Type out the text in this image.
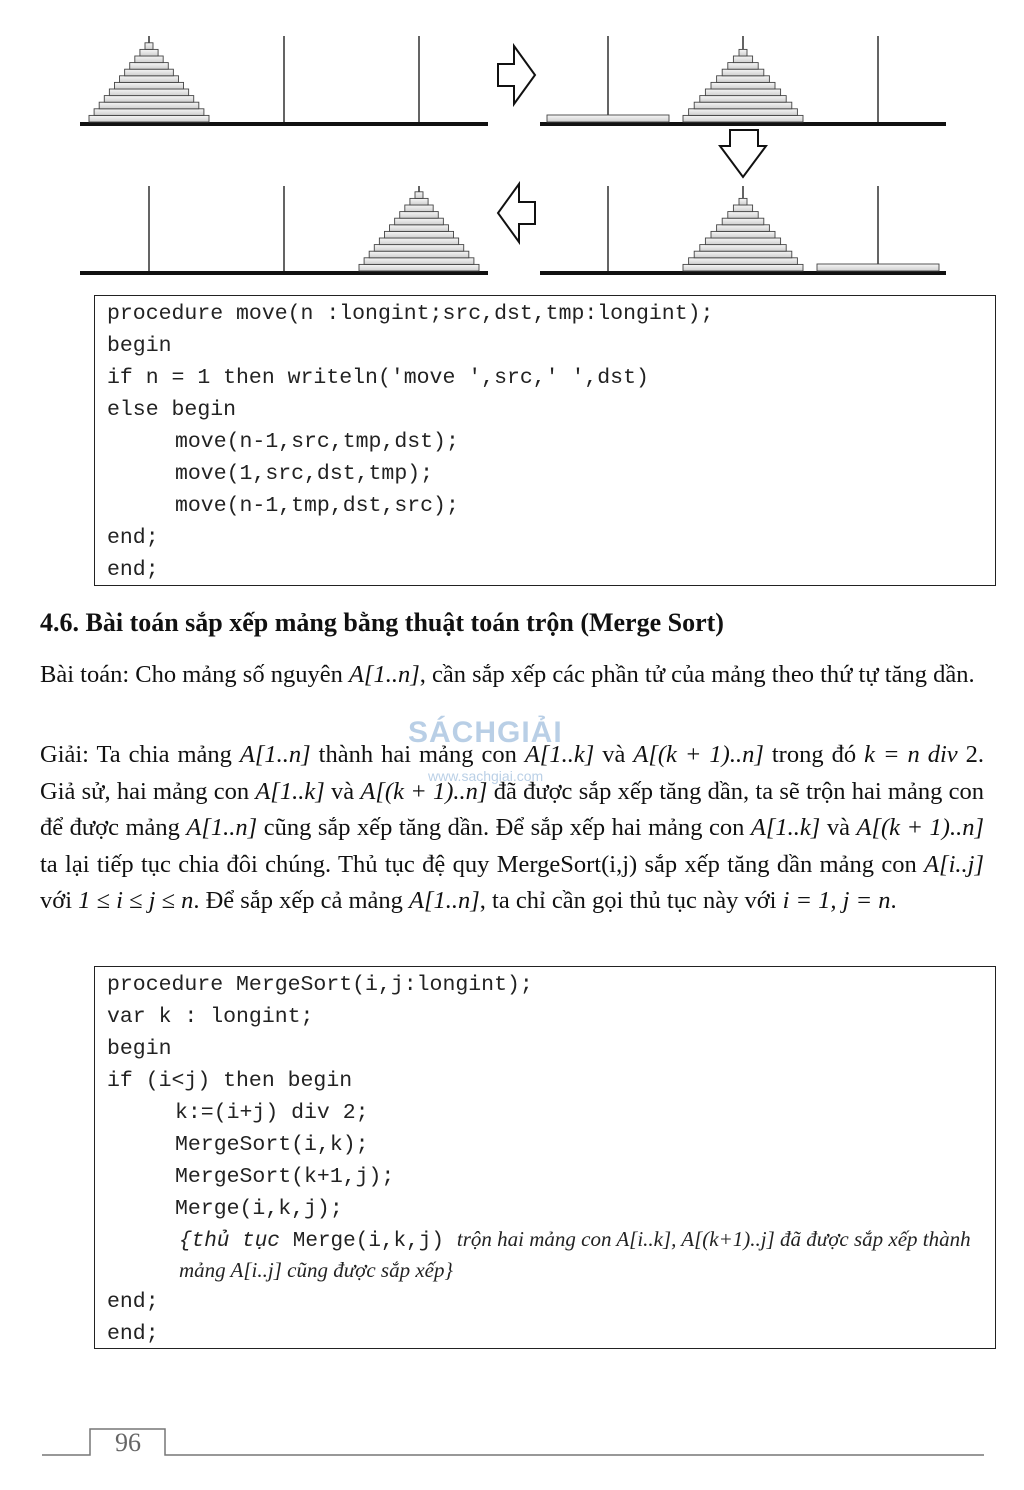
procedure move(n :longint;src,dst,tmp:longint);
begin
if n = 1 then writeln('move ',src,' ',dst)
else begin
move(n-1,src,tmp,dst);
move(1,src,dst,tmp);
move(n-1,tmp,dst,src);
end;
end;
4.6. Bài toán sắp xếp mảng bằng thuật toán trộn (Merge Sort)

Bài toán: Cho mảng số nguyên A[1..n], cần sắp xếp các phần tử của mảng theo thứ tự tăng dần.

Giải: Ta chia mảng A[1..n] thành hai mảng con A[1..k] và A[(k + 1)..n] trong đó k = n div 2. Giả sử, hai mảng con A[1..k] và A[(k + 1)..n] đã được sắp xếp tăng dần, ta sẽ trộn hai mảng con để được mảng A[1..n] cũng sắp xếp tăng dần. Để sắp xếp hai mảng con A[1..k] và A[(k + 1)..n] ta lại tiếp tục chia đôi chúng. Thủ tục đệ quy MergeSort(i,j) sắp xếp tăng dần mảng con A[i..j] với 1 ≤ i ≤ j ≤ n. Để sắp xếp cả mảng A[1..n], ta chỉ cần gọi thủ tục này với i = 1, j = n.

SÁCHGIẢI
www.sachgiai.com
procedure MergeSort(i,j:longint);
var k : longint;
begin
if (i<j) then begin
k:=(i+j) div 2;
MergeSort(i,k);
MergeSort(k+1,j);
Merge(i,k,j);
{thủ tục Merge(i,k,j) trộn hai mảng con A[i..k], A[(k+1)..j] đã được sắp xếp thành mảng A[i..j] cũng được sắp xếp}
end;
end;
96
